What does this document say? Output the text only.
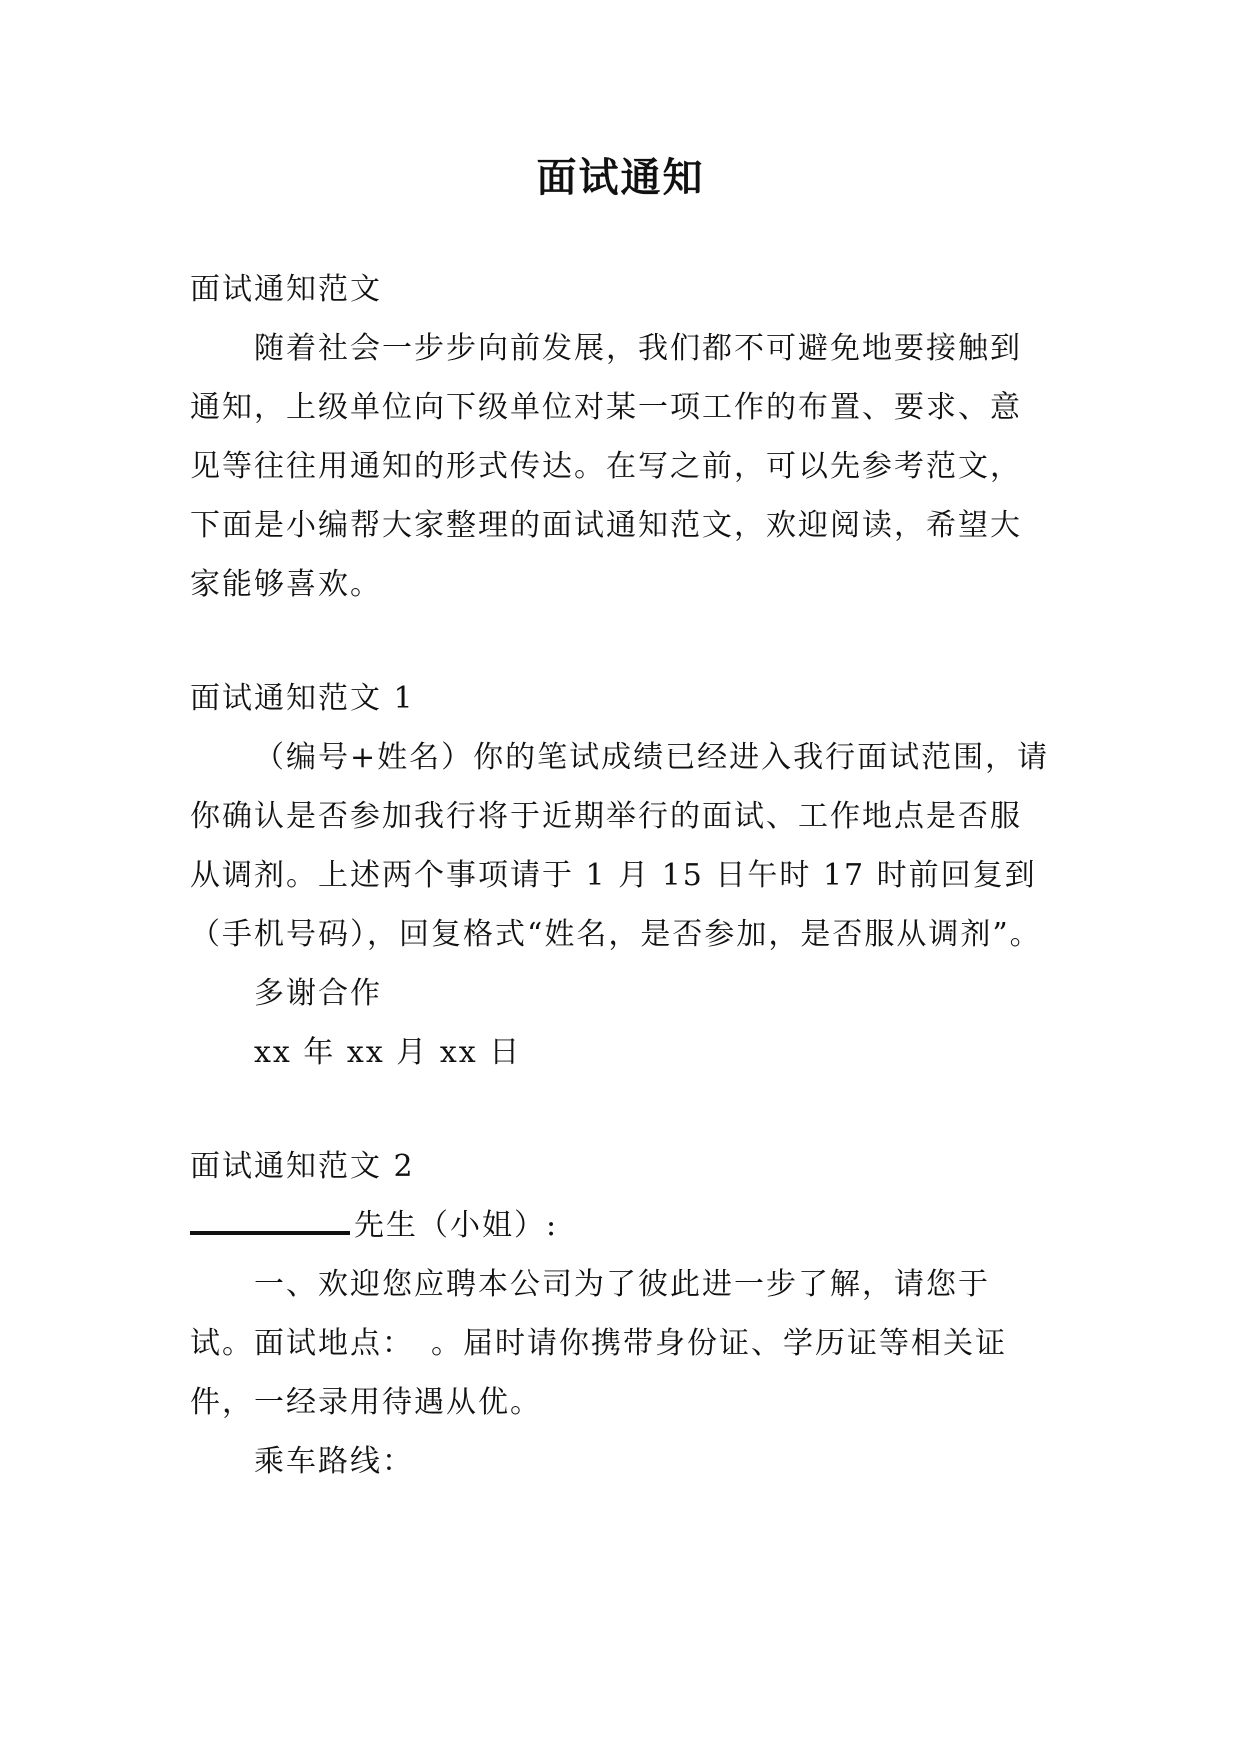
面试通知

面试通知范文

随着社会一步步向前发展，我们都不可避免地要接触到通知，上级单位向下级单位对某一项工作的布置、要求、意见等往往用通知的形式传达。在写之前，可以先参考范文，下面是小编帮大家整理的面试通知范文，欢迎阅读，希望大家能够喜欢。

面试通知范文 1

（编号+姓名）你的笔试成绩已经进入我行面试范围，请你确认是否参加我行将于近期举行的面试、工作地点是否服从调剂。上述两个事项请于 1 月 15 日午时 17 时前回复到（手机号码），回复格式“姓名，是否参加，是否服从调剂”。

多谢合作

xx 年 xx 月 xx 日

面试通知范文 2

先生（小姐）:

一、欢迎您应聘本公司为了彼此进一步了解，请您于试。面试地点：　。届时请你携带身份证、学历证等相关证件，一经录用待遇从优。

乘车路线：
